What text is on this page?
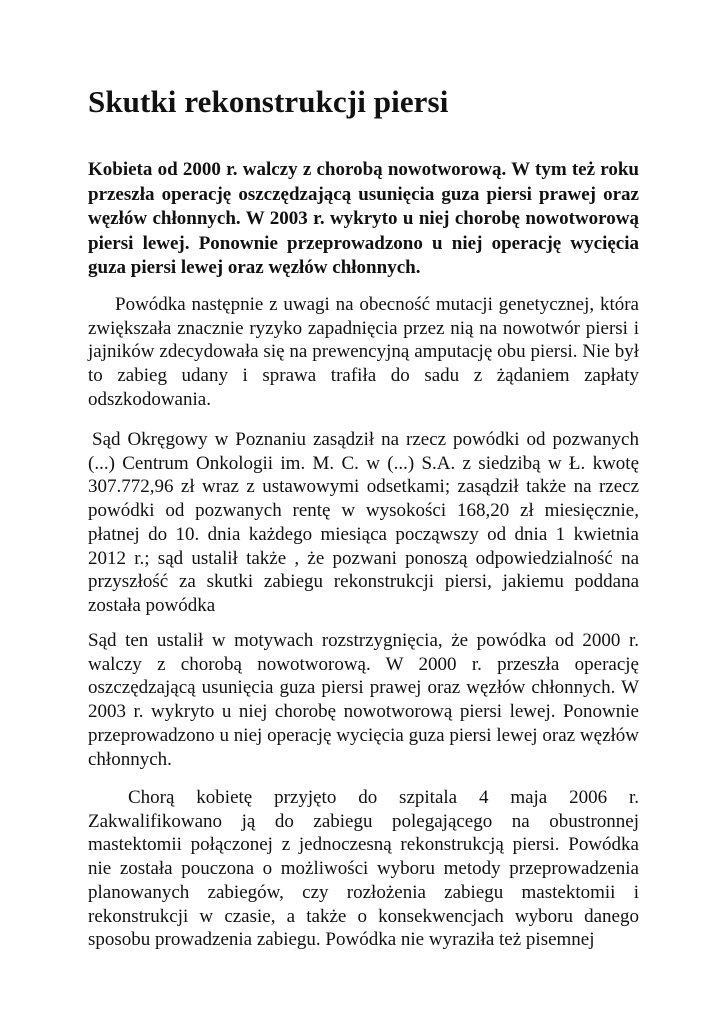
Skutki rekonstrukcji piersi

Kobieta od 2000 r. walczy z chorobą nowotworową. W tym też roku przeszła operację oszczędzającą usunięcia guza piersi prawej oraz węzłów chłonnych. W 2003 r. wykryto u niej chorobę nowotworową piersi lewej. Ponownie przeprowadzono u niej operację wycięcia guza piersi lewej oraz węzłów chłonnych.

Powódka następnie z uwagi na obecność mutacji genetycznej, która zwiększała znacznie ryzyko zapadnięcia przez nią na nowotwór piersi i jajników zdecydowała się na prewencyjną amputację obu piersi. Nie był to zabieg udany i sprawa trafiła do sadu z żądaniem zapłaty odszkodowania.

Sąd Okręgowy w Poznaniu zasądził na rzecz powódki od pozwanych (...) Centrum Onkologii im. M. C. w (...) S.A. z siedzibą w Ł. kwotę 307.772,96 zł wraz z ustawowymi odsetkami; zasądził także na rzecz powódki od pozwanych rentę w wysokości 168,20 zł miesięcznie, płatnej do 10. dnia każdego miesiąca począwszy od dnia 1 kwietnia 2012 r.; sąd ustalił także , że pozwani ponoszą odpowiedzialność na przyszłość za skutki zabiegu rekonstrukcji piersi, jakiemu poddana została powódka

Sąd ten ustalił w motywach rozstrzygnięcia, że powódka od 2000 r. walczy z chorobą nowotworową. W 2000 r. przeszła operację oszczędzającą usunięcia guza piersi prawej oraz węzłów chłonnych. W 2003 r. wykryto u niej chorobę nowotworową piersi lewej. Ponownie przeprowadzono u niej operację wycięcia guza piersi lewej oraz węzłów chłonnych.

Chorą kobietę przyjęto do szpitala 4 maja 2006 r. Zakwalifikowano ją do zabiegu polegającego na obustronnej mastektomii połączonej z jednoczesną rekonstrukcją piersi. Powódka nie została pouczona o możliwości wyboru metody przeprowadzenia planowanych zabiegów, czy rozłożenia zabiegu mastektomii i rekonstrukcji w czasie, a także o konsekwencjach wyboru danego sposobu prowadzenia zabiegu. Powódka nie wyraziła też pisemnej
